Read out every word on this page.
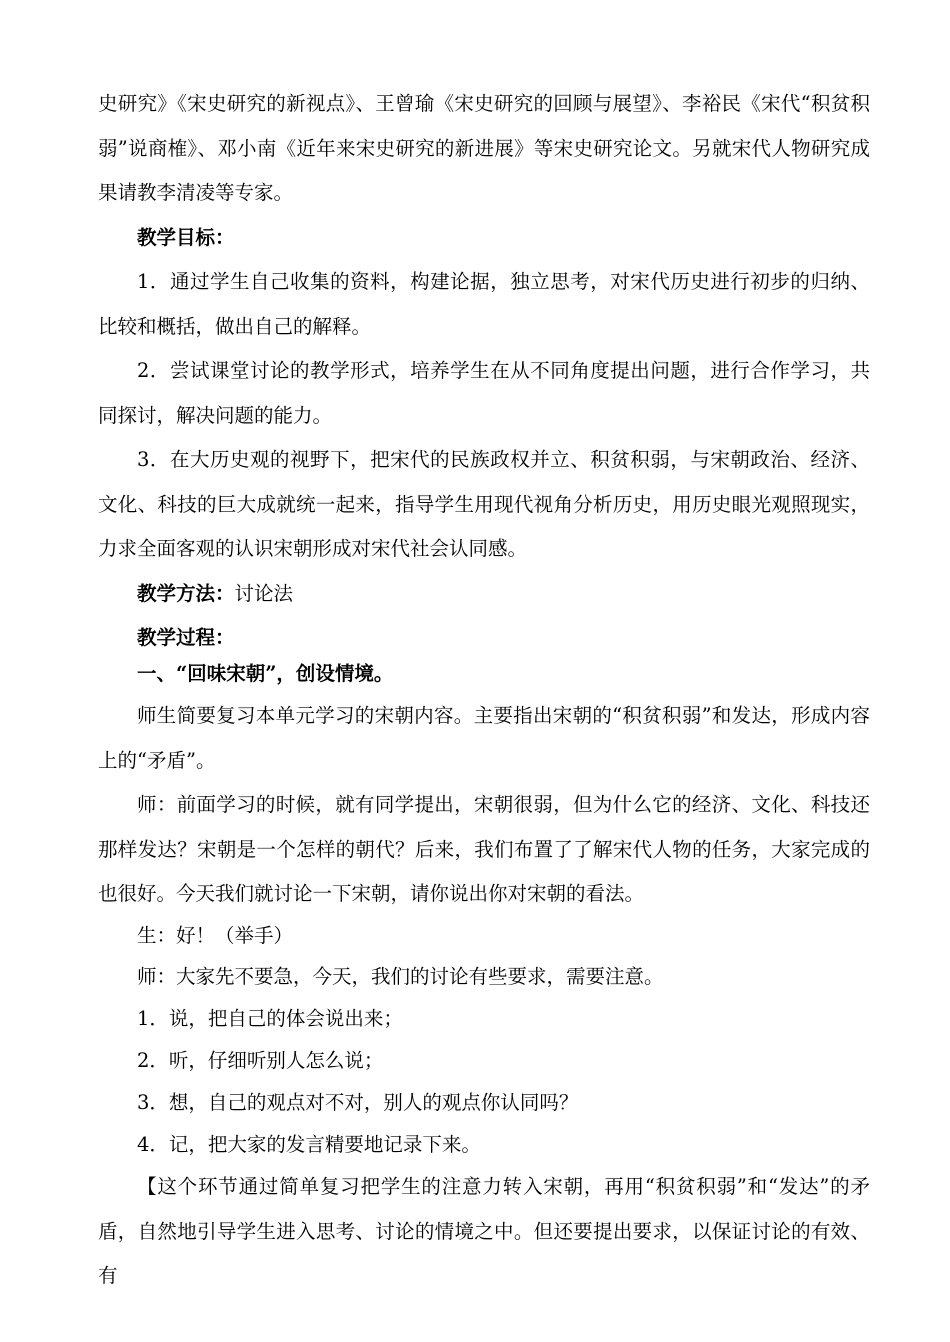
史研究》《宋史研究的新视点》、王曾瑜《宋史研究的回顾与展望》、李裕民《宋代“积贫积弱”说商榷》、邓小南《近年来宋史研究的新进展》等宋史研究论文。另就宋代人物研究成果请教李清凌等专家。

教学目标：

1．通过学生自己收集的资料，构建论据，独立思考，对宋代历史进行初步的归纳、比较和概括，做出自己的解释。

2．尝试课堂讨论的教学形式，培养学生在从不同角度提出问题，进行合作学习，共同探讨，解决问题的能力。

3．在大历史观的视野下，把宋代的民族政权并立、积贫积弱，与宋朝政治、经济、文化、科技的巨大成就统一起来，指导学生用现代视角分析历史，用历史眼光观照现实，力求全面客观的认识宋朝形成对宋代社会认同感。

教学方法：讨论法

教学过程：

一、“回味宋朝”，创设情境。

师生简要复习本单元学习的宋朝内容。主要指出宋朝的“积贫积弱”和发达，形成内容上的“矛盾”。

师：前面学习的时候，就有同学提出，宋朝很弱，但为什么它的经济、文化、科技还那样发达？宋朝是一个怎样的朝代？后来，我们布置了了解宋代人物的任务，大家完成的也很好。今天我们就讨论一下宋朝，请你说出你对宋朝的看法。

生：好！（举手）

师：大家先不要急，今天，我们的讨论有些要求，需要注意。

1．说，把自己的体会说出来；

2．听，仔细听别人怎么说；

3．想，自己的观点对不对，别人的观点你认同吗？

4．记，把大家的发言精要地记录下来。

【这个环节通过简单复习把学生的注意力转入宋朝，再用“积贫积弱”和“发达”的矛盾，自然地引导学生进入思考、讨论的情境之中。但还要提出要求，以保证讨论的有效、有
